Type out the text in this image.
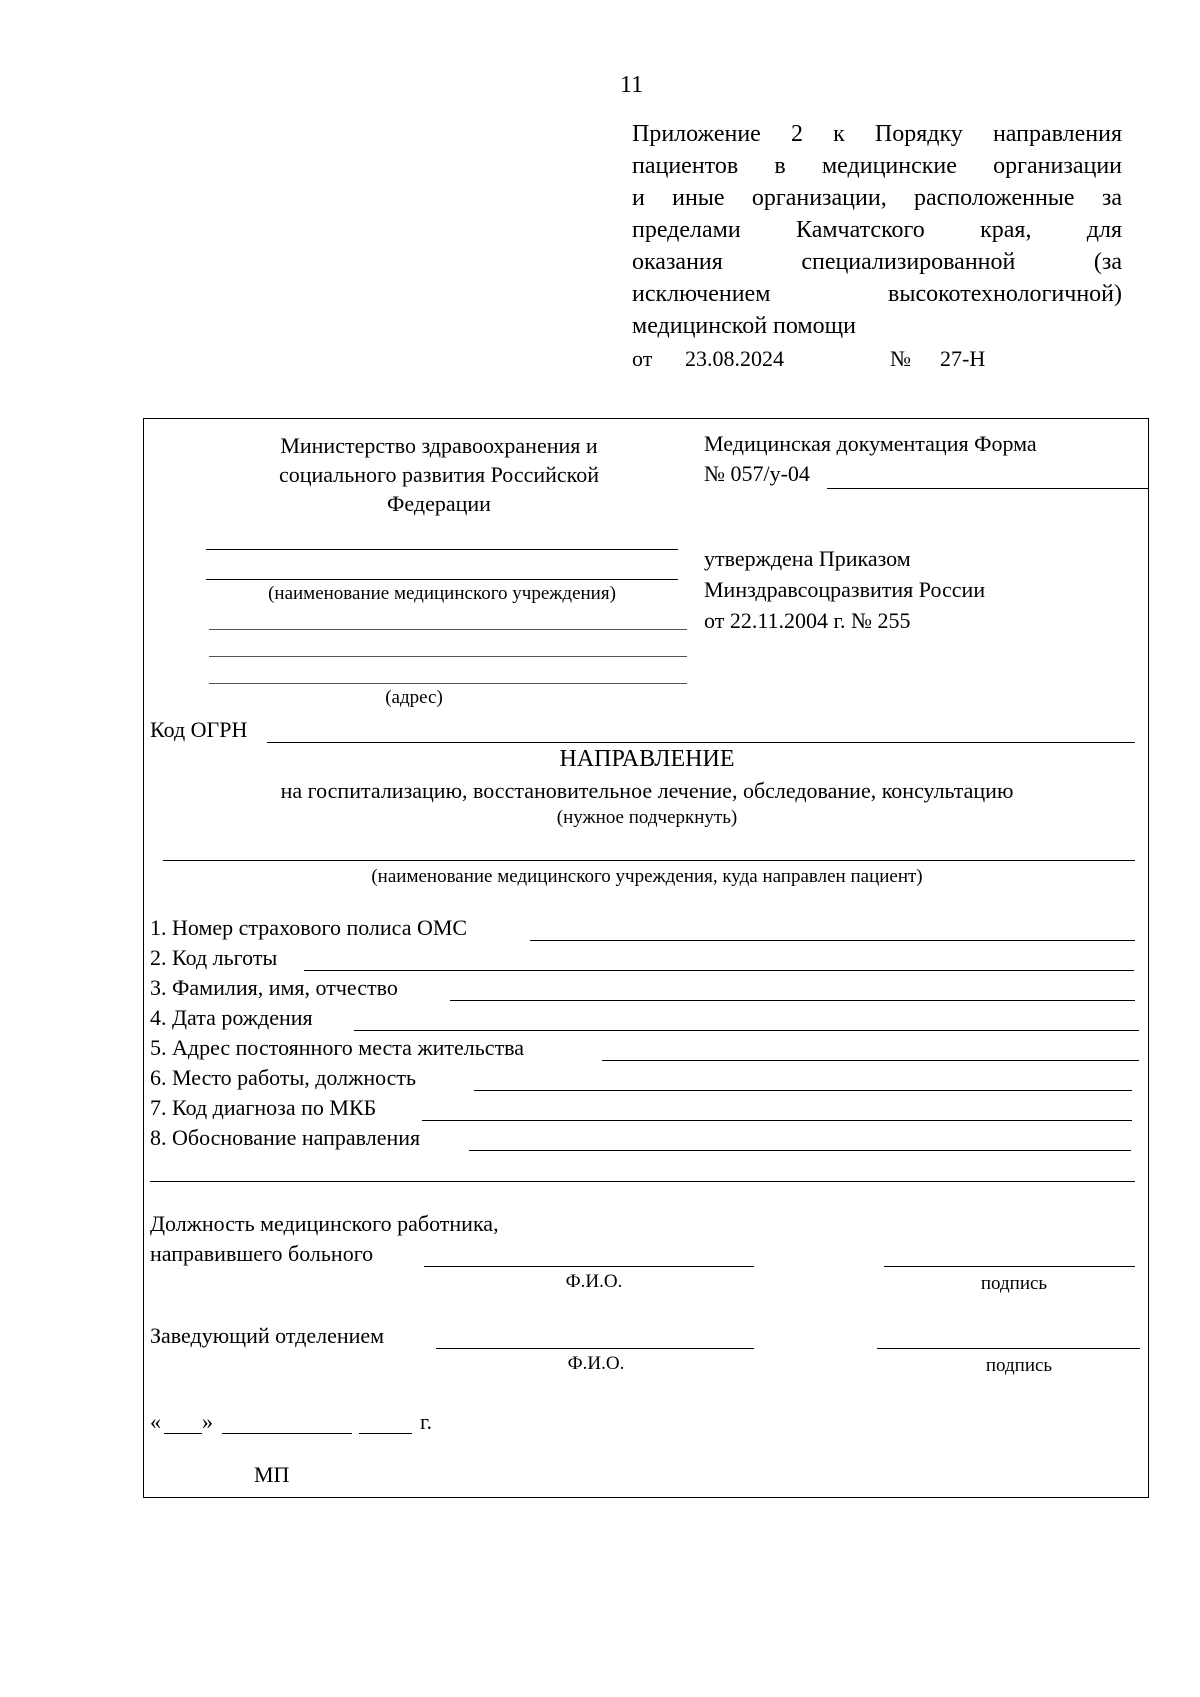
11
Приложение 2 к Порядку направления
пациентов в медицинские организации
и иные организации, расположенные за
пределами Камчатского края, для
оказания специализированной (за
исключением высокотехнологичной)
медицинской помощи
от 23.08.2024	№ 27-Н
Министерство здравоохранения и
социального развития Российской
Федерации
Медицинская документация Форма
№ 057/у-04
(наименование медицинского учреждения)
утверждена Приказом
Минздравсоцразвития России
от 22.11.2004 г. № 255
(адрес)
Код ОГРН
НАПРАВЛЕНИЕ
на госпитализацию, восстановительное лечение, обследование, консультацию
(нужное подчеркнуть)
(наименование медицинского учреждения, куда направлен пациент)
1. Номер страхового полиса ОМС
2. Код льготы
3. Фамилия, имя, отчество
4. Дата рождения
5. Адрес постоянного места жительства
6. Место работы, должность
7. Код диагноза по МКБ
8. Обоснование направления
Должность медицинского работника,
направившего больного
Ф.И.О.	подпись
Заведующий отделением
Ф.И.О.	подпись
« »	г.
МП
